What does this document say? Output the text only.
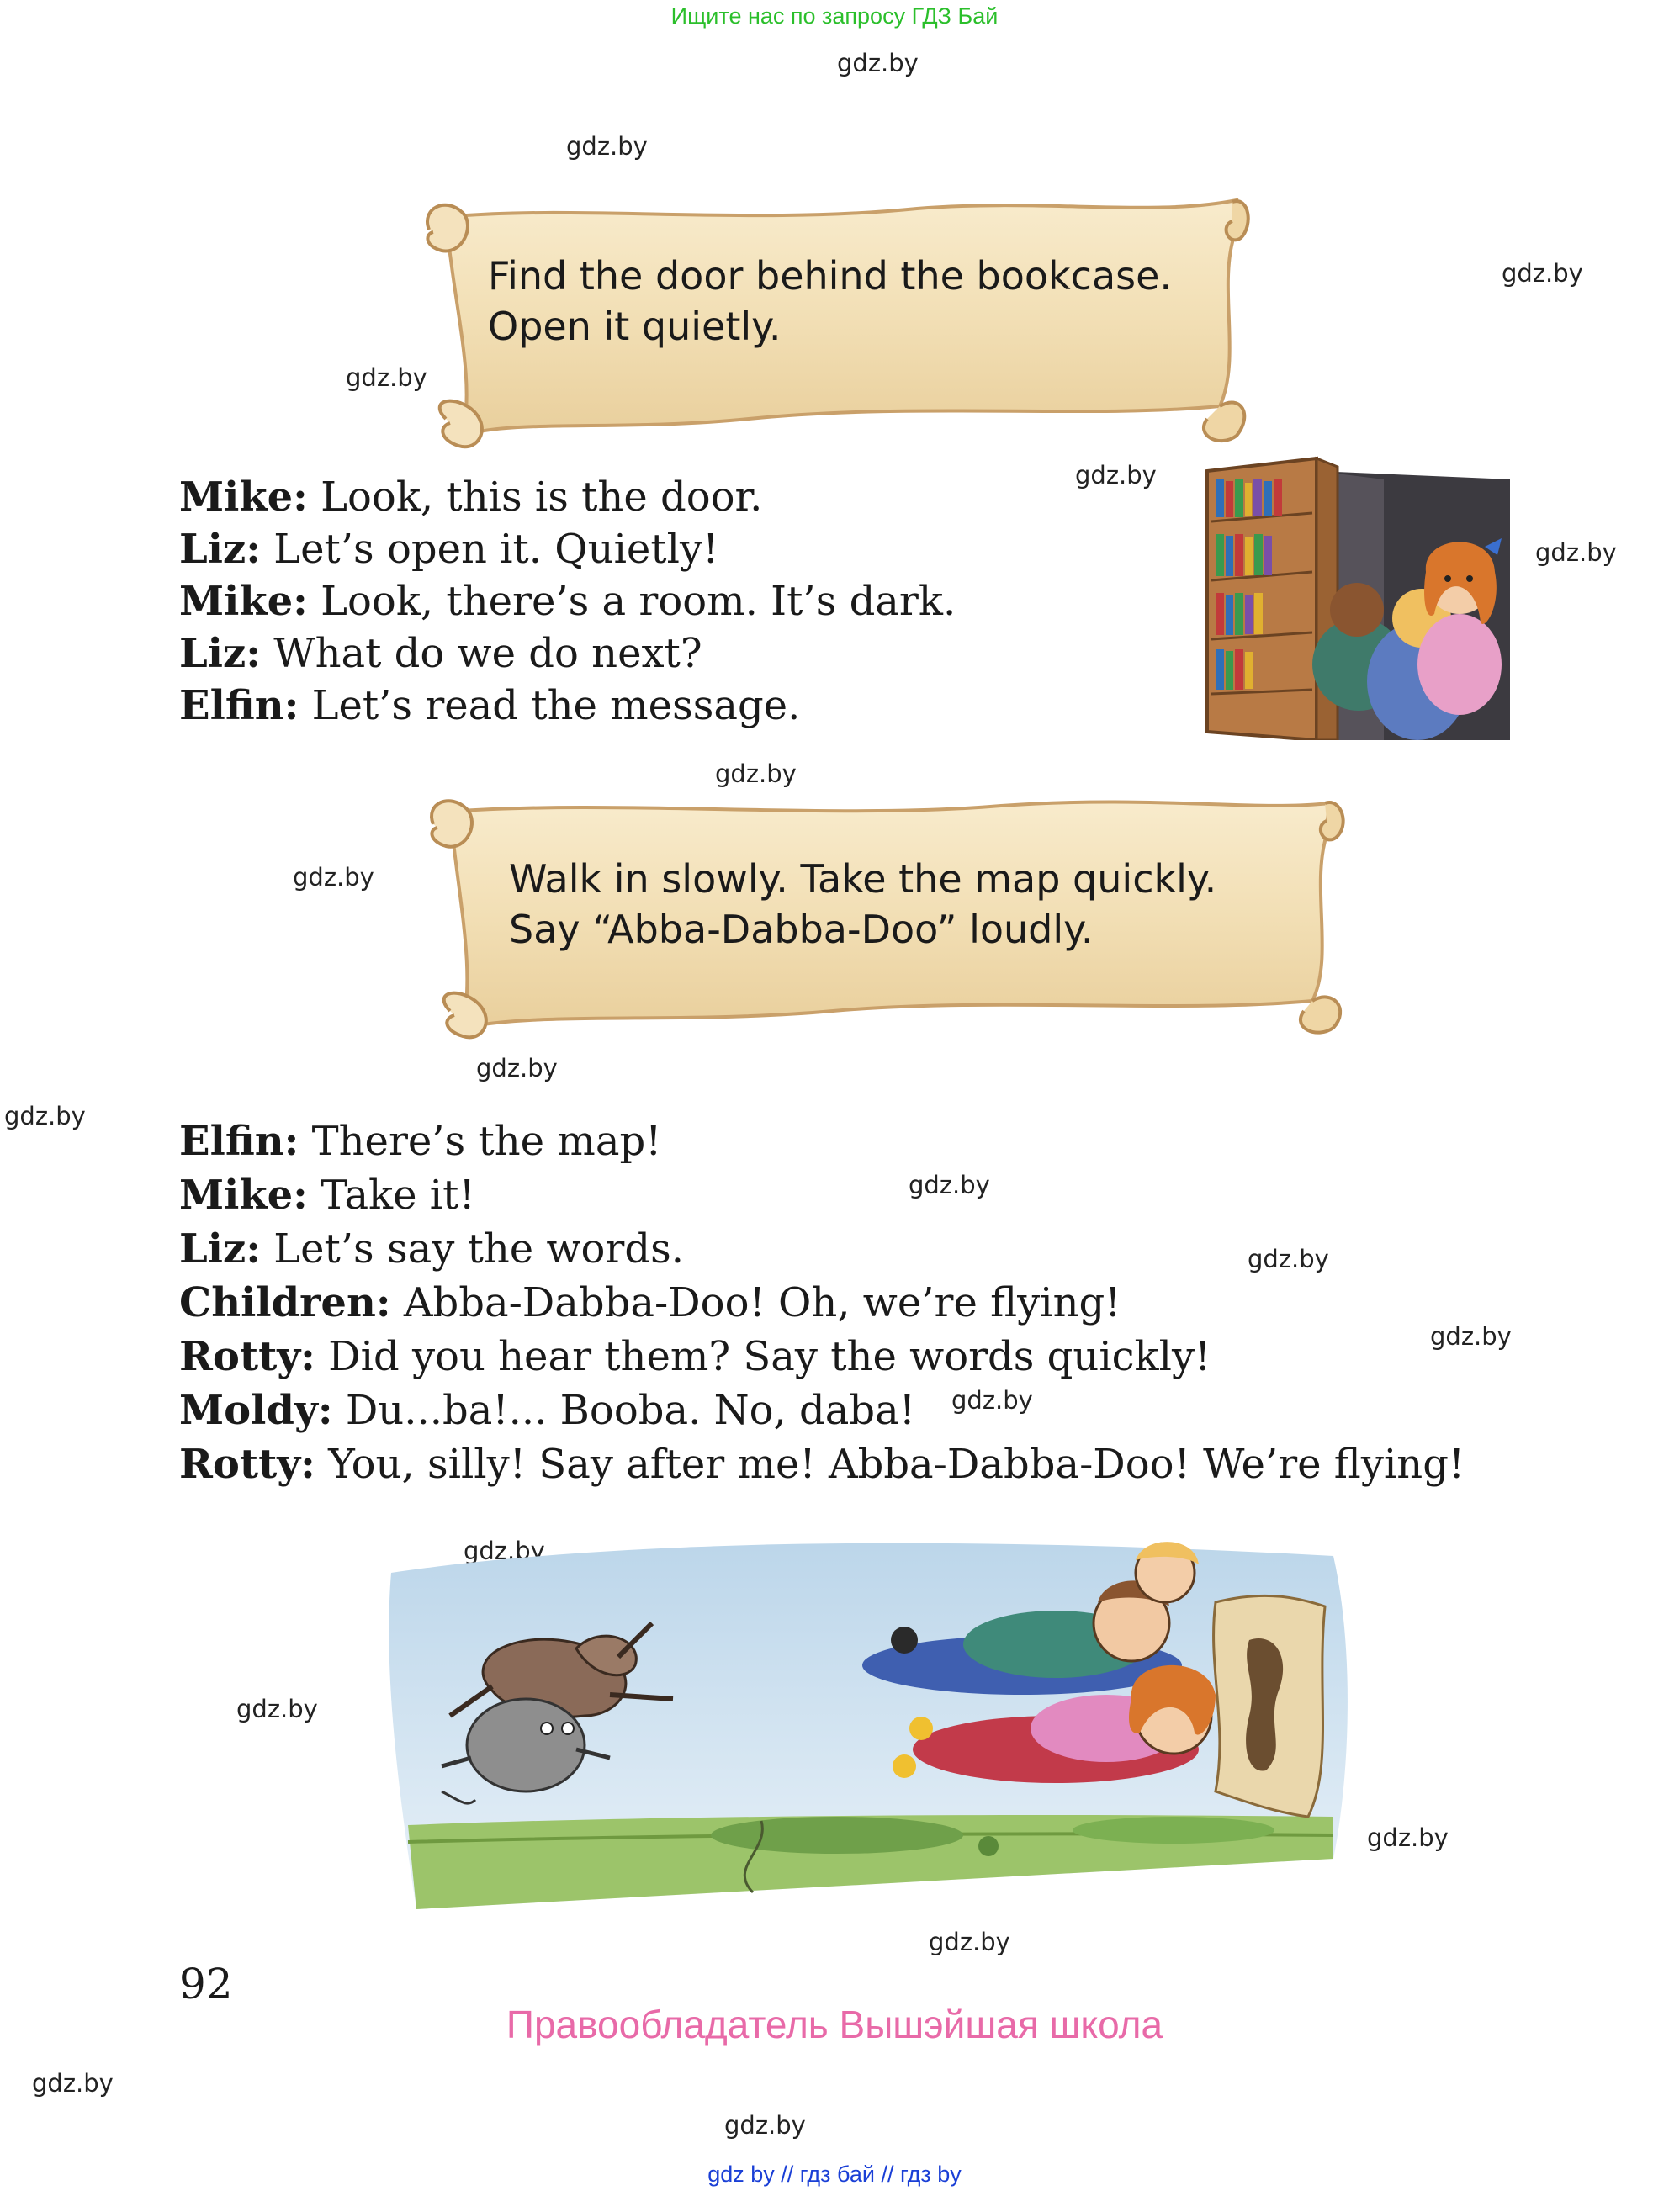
Ищите нас по запросу ГДЗ Бай
gdz.by
gdz.by
gdz.by
gdz.by
gdz.by
gdz.by
gdz.by
gdz.by
gdz.by
gdz.by
gdz.by
gdz.by
gdz.by
gdz.by
gdz.by
gdz.by
gdz.by
gdz.by
gdz.by
gdz.by
Find the door behind the bookcase.
Open it quietly.
Mike: Look, this is the door.
Liz: Let’s open it. Quietly!
Mike: Look, there’s a room. It’s dark.
Liz: What do we do next?
Elfin: Let’s read the message.
Walk in slowly. Take the map quickly.
Say “Abba-Dabba-Doo” loudly.
Elfin: There’s the map!
Mike: Take it!
Liz: Let’s say the words.
Children: Abba-Dabba-Doo! Oh, we’re flying!
Rotty: Did you hear them? Say the words quickly!
Moldy: Du...ba!... Booba. No, daba!
Rotty: You, silly! Say after me! Abba-Dabba-Doo! We’re flying!
92
Правообладатель Вышэйшая школа
gdz by // гдз бай // гдз by
